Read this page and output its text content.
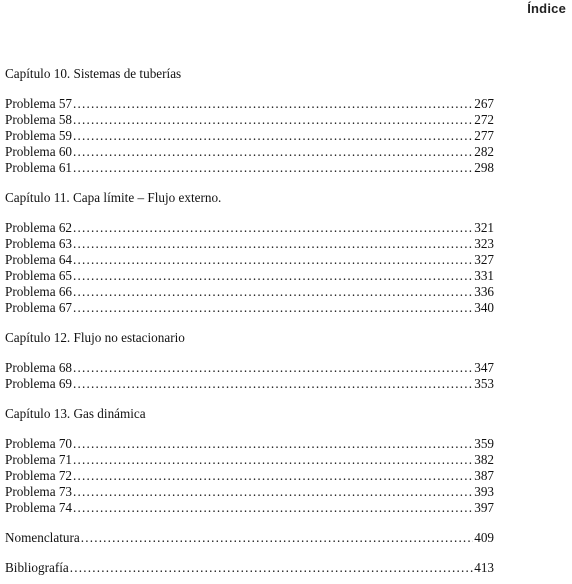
Índice
Capítulo 10. Sistemas de tuberías
Problema 57 .....	267
Problema 58 .....	272
Problema 59 .....	277
Problema 60 .....	282
Problema 61 .....	298
Capítulo 11. Capa límite – Flujo externo.
Problema 62 .....	321
Problema 63 .....	323
Problema 64 .....	327
Problema 65 .....	331
Problema 66 .....	336
Problema 67 .....	340
Capítulo 12. Flujo no estacionario
Problema 68 .....	347
Problema 69 .....	353
Capítulo 13. Gas dinámica
Problema 70 .....	359
Problema 71 .....	382
Problema 72 .....	387
Problema 73 .....	393
Problema 74 .....	397
Nomenclatura .....	409
Bibliografía .....	413
